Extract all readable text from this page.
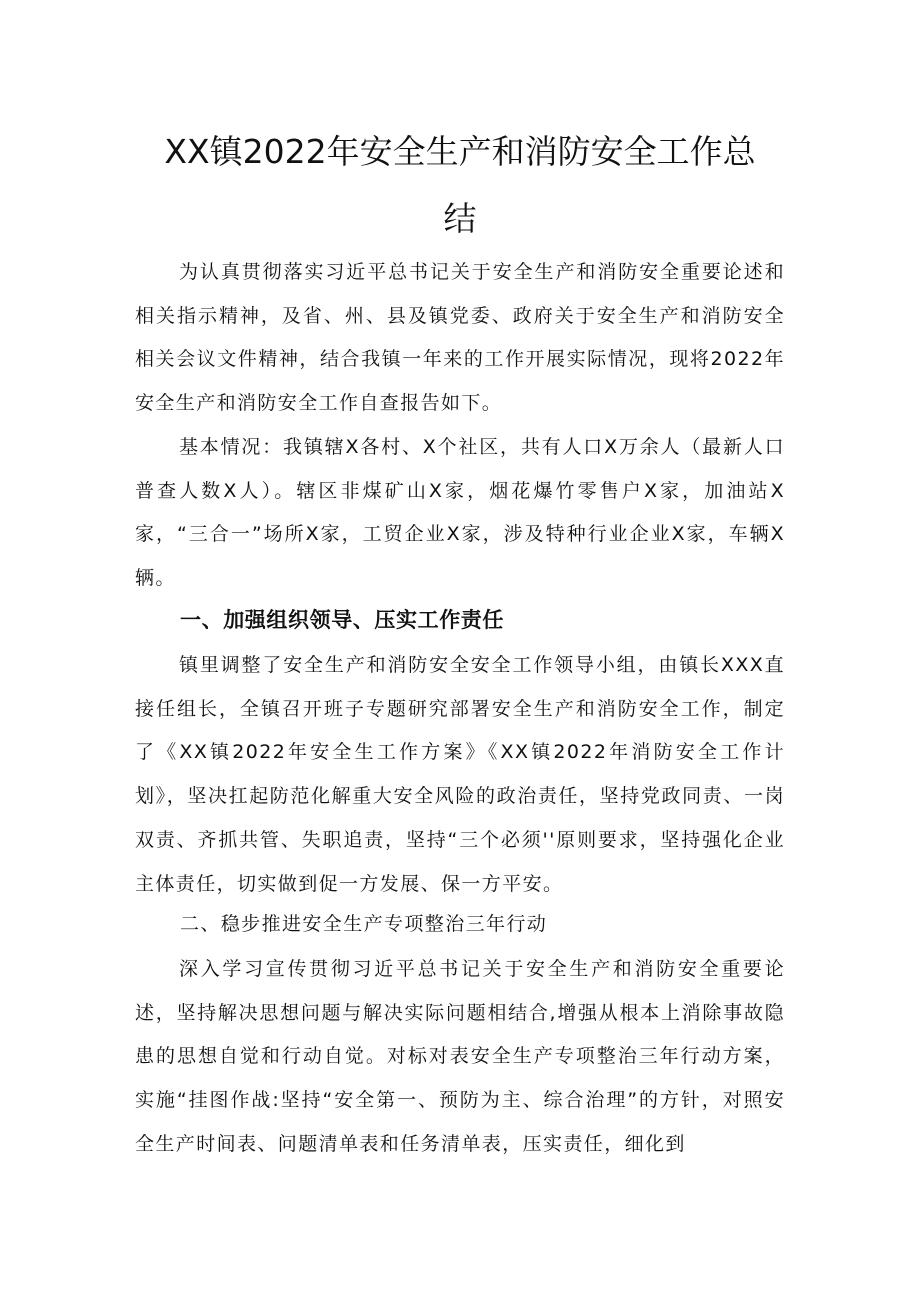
XX镇2022年安全生产和消防安全工作总
结

为认真贯彻落实习近平总书记关于安全生产和消防安全重要论述和相关指示精神，及省、州、县及镇党委、政府关于安全生产和消防安全相关会议文件精神，结合我镇一年来的工作开展实际情况，现将2022年安全生产和消防安全工作自查报告如下。

基本情况：我镇辖X各村、X个社区，共有人口X万余人（最新人口普查人数X人）。辖区非煤矿山X家，烟花爆竹零售户X家，加油站X家，“三合一”场所X家，工贸企业X家，涉及特种行业企业X家，车辆X辆。

一、加强组织领导、压实工作责任

镇里调整了安全生产和消防安全安全工作领导小组，由镇长XXX直接任组长，全镇召开班子专题研究部署安全生产和消防安全工作，制定了《XX镇2022年安全生工作方案》《XX镇2022年消防安全工作计划》，坚决扛起防范化解重大安全风险的政治责任，坚持党政同责、一岗双责、齐抓共管、失职追责，坚持“三个必须''原则要求，坚持强化企业主体责任，切实做到促一方发展、保一方平安。

二、稳步推进安全生产专项整治三年行动

深入学习宣传贯彻习近平总书记关于安全生产和消防安全重要论述，坚持解决思想问题与解决实际问题相结合,增强从根本上消除事故隐患的思想自觉和行动自觉。对标对表安全生产专项整治三年行动方案，实施“挂图作战:坚持“安全第一、预防为主、综合治理”的方针，对照安全生产时间表、问题清单表和任务清单表，压实责任，细化到
